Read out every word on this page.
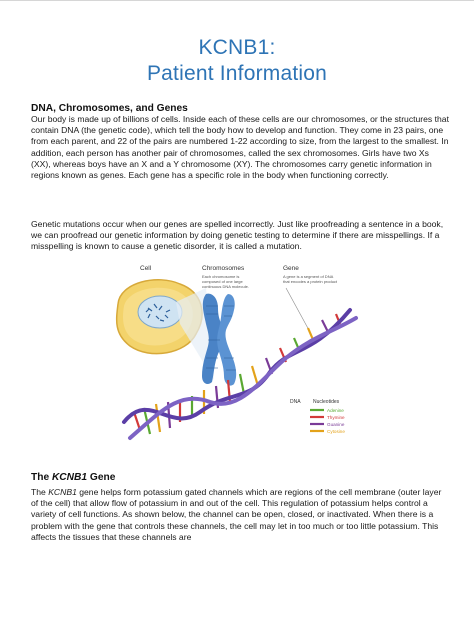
KCNB1:
Patient Information
DNA, Chromosomes, and Genes
Our body is made up of billions of cells. Inside each of these cells are our chromosomes, or the structures that contain DNA (the genetic code), which tell the body how to develop and function. They come in 23 pairs, one from each parent, and 22 of the pairs are numbered 1-22 according to size, from the largest to the smallest. In addition, each person has another pair of chromosomes, called the sex chromosomes. Girls have two Xs (XX), whereas boys have an X and a Y chromosome (XY). The chromosomes carry genetic information in regions known as genes. Each gene has a specific role in the body when functioning correctly.
Genetic mutations occur when our genes are spelled incorrectly. Just like proofreading a sentence in a book, we can proofread our genetic information by doing genetic testing to determine if there are misspellings. If a misspelling is known to cause a genetic disorder, it is called a mutation.
Cell	Chromosomes
Each chromosome is
composed of one large
continuous DNA molecule.
Gene
A gene is a segment of DNA
that encodes a protein product
DNA Nucleotides
Adenine
Thymine
Guanine
Cytosine
The KCNB1 Gene
The KCNB1 gene helps form potassium gated channels which are regions of the cell membrane (outer layer of the cell) that allow flow of potassium in and out of the cell. This regulation of potassium helps control a variety of cell functions. As shown below, the channel can be open, closed, or inactivated. When there is a problem with the gene that controls these channels, the cell may let in too much or too little potassium. This affects the tissues that these channels are
